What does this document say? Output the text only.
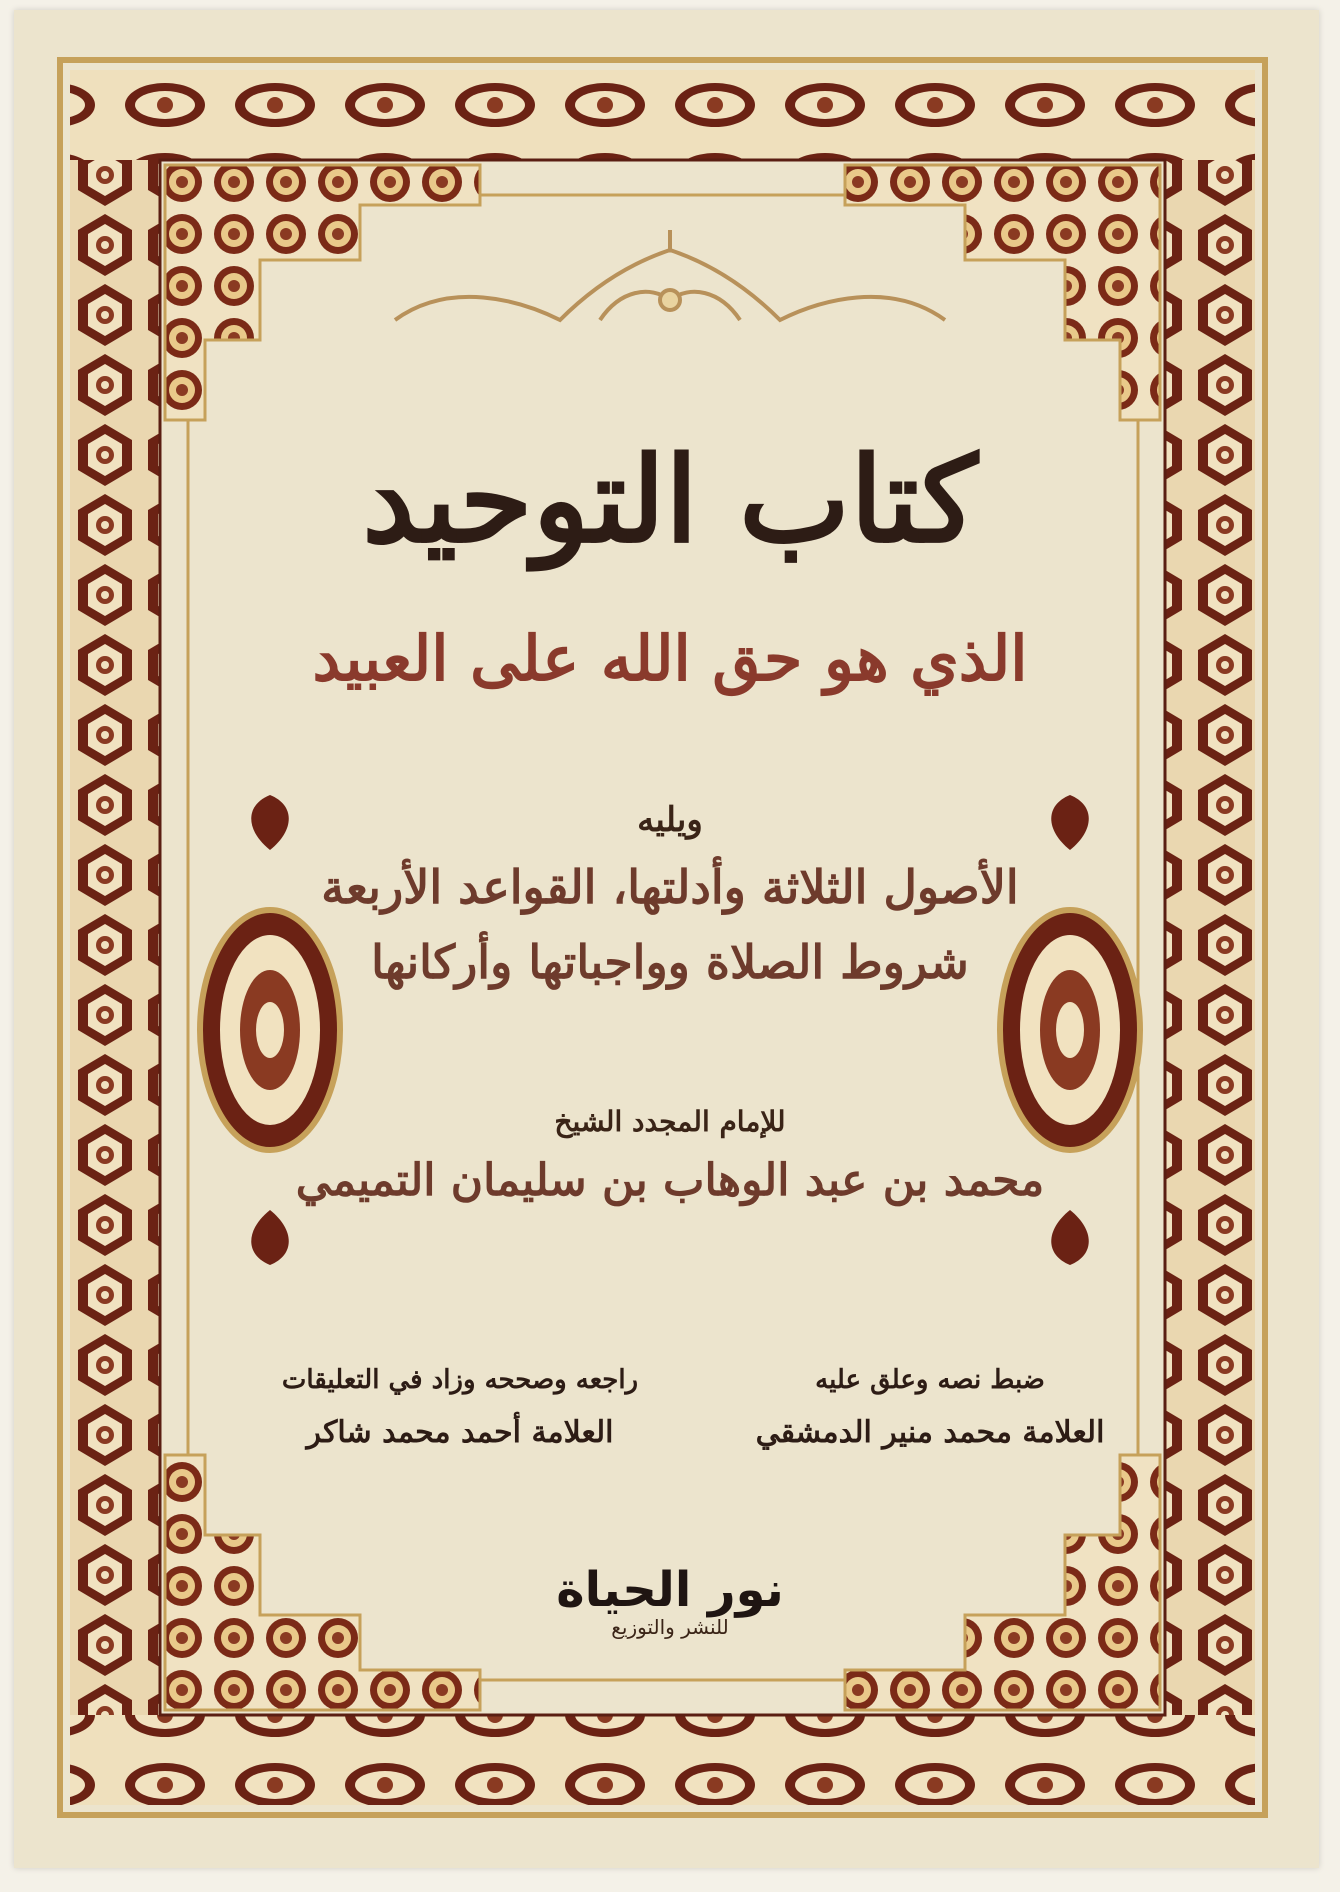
كتاب التوحيد
الذي هو حق الله على العبيد
ويليه
الأصول الثلاثة وأدلتها، القواعد الأربعة
شروط الصلاة وواجباتها وأركانها
للإمام المجدد الشيخ
محمد بن عبد الوهاب بن سليمان التميمي
ضبط نصه وعلق عليه
العلامة محمد منير الدمشقي
راجعه وصححه وزاد في التعليقات
العلامة أحمد محمد شاكر
نور الحياة
للنشر والتوزيع
